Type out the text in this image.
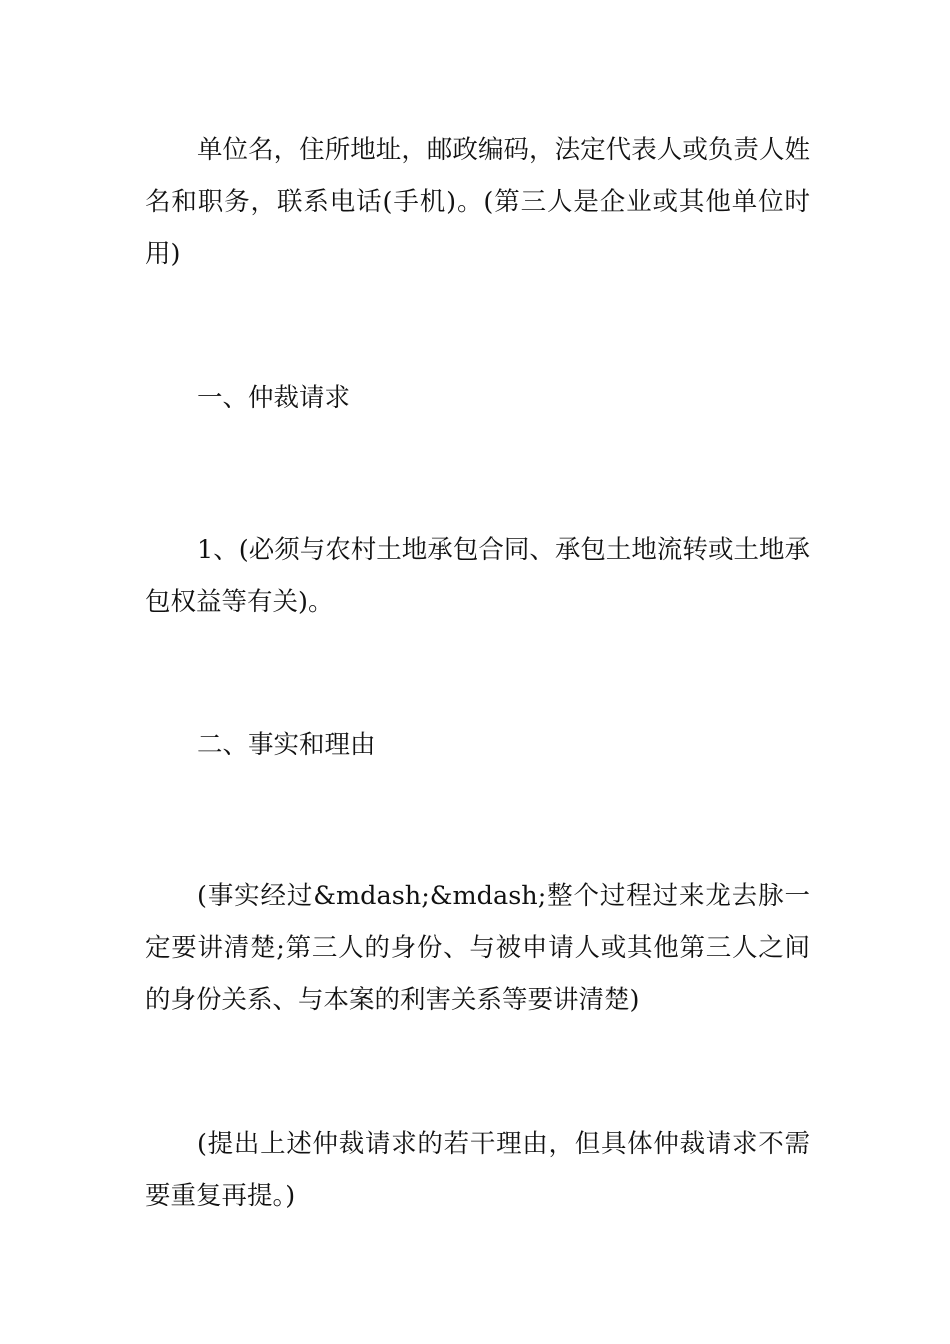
单位名，住所地址，邮政编码，法定代表人或负责人姓名和职务，联系电话(手机)。(第三人是企业或其他单位时用)

一、仲裁请求

1、(必须与农村土地承包合同、承包土地流转或土地承包权益等有关)。

二、事实和理由

(事实经过&mdash;&mdash;整个过程过来龙去脉一定要讲清楚;第三人的身份、与被申请人或其他第三人之间的身份关系、与本案的利害关系等要讲清楚)

(提出上述仲裁请求的若干理由，但具体仲裁请求不需要重复再提。)
